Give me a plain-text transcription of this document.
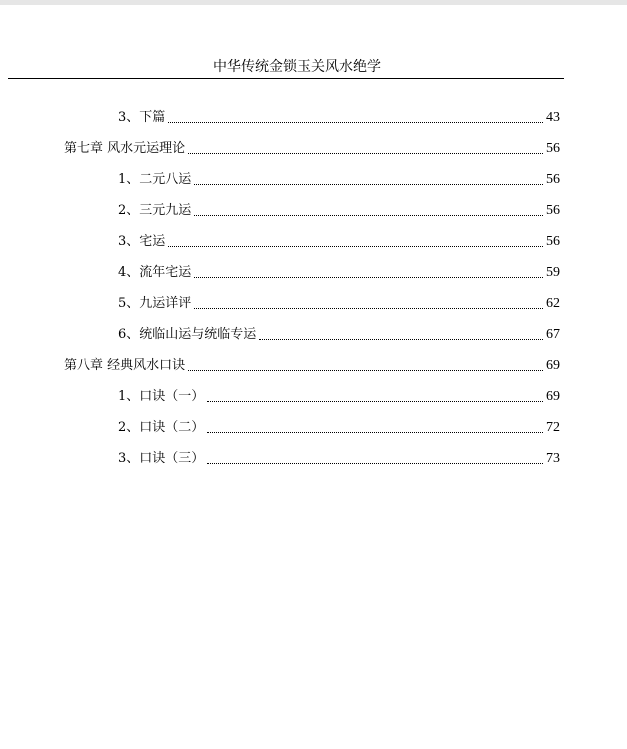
中华传统金锁玉关风水绝学
3、下篇	43
第七章 风水元运理论	56
1、二元八运	56
2、三元九运	56
3、宅运	56
4、流年宅运	59
5、九运详评	62
6、统临山运与统临专运	67
第八章 经典风水口诀	69
1、口诀（一）	69
2、口诀（二）	72
3、口诀（三）	73
